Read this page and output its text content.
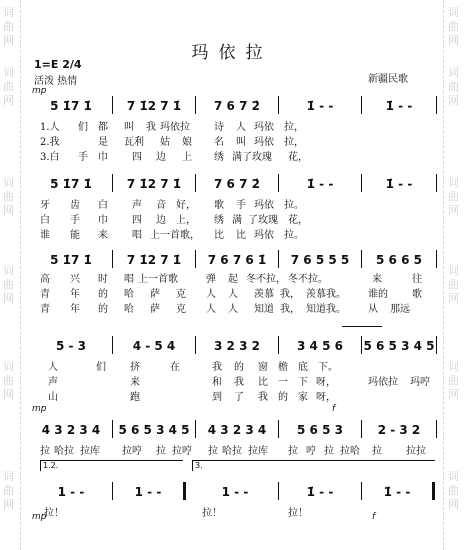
词
曲
网
词
曲
网
词
曲
网
词
曲
网
词
曲
网
词
曲
网
词
曲
网
词
曲
网
词
曲
网
词
曲
网
词
曲
网
词
曲
网
玛依拉
1=E 2/4
活泼 热情	新疆民歌
mp
mp	f
mp	f
5 1̇7 1̇	7 1̇2 7 1̇	7 6 7 2̇	1̇ - -	1̇ - -
1.人 们 都 叫 我 玛依拉 诗 人 玛依 拉，
2.我	是 瓦利 姑 娘 名 叫 玛依 拉，
3.白 手 巾 四 边 上 绣 满了玫瑰 花，
5 1̇7 1̇	7 1̇2 7 1̇	7 6 7 2̇	1̇ - -	1̇ - -
牙 齿 白 声 音 好， 歌 手 玛依 拉。
白 手 巾 四 边 上， 绣 满 了玫瑰 花，
谁 能 来 唱 上一首歌， 比 比 玛依 拉。
5 1̇7 1̇	7 1̇2 7 1̇	7 6 7 6 1̇	7 6 5 5 5	5 6 6 5
高 兴 时 唱 上一首歌	弹 起 冬不拉， 冬不拉。	来	往
青 年 的 哈 萨 克 人 人 羡慕 我， 羡慕我。 谁的 歌
青 年 的 哈 萨 克 人 人 知道 我， 知道我。 从 那远
5 - 3	4 - 5 4	3 2 3 2	3 4 5 6	5 6 5 3 4 5
人	们 挤	在	我 的 窗 檐 底 下。
声	来	和 我 比 一 下 呀，	玛依拉 玛哼
山	跑	到 了 我 的 家 呀，
4 3 2 3 4	5 6 5 3 4 5	4 3 2 3 4	5 6 5 3	2 - 3 2
拉 哈拉 拉库 拉哼 拉 拉哼 拉 哈拉 拉库 拉 哼 拉 拉哈 拉 拉拉
1.2.	3.
1 - -	1 - -	1 - -	1̇ - -	1̇ - -
拉！	拉！	拉！
